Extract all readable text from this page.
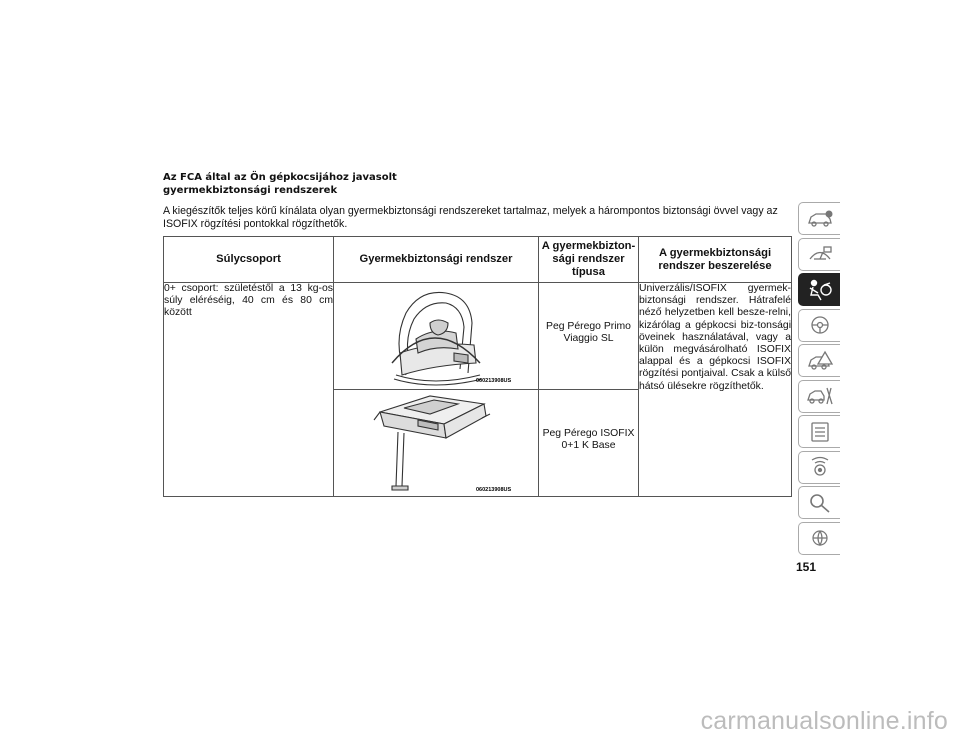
Az FCA által az Ön gépkocsijához javasolt
gyermekbiztonsági rendszerek
A kiegészítők teljes körű kínálata olyan gyermekbiztonsági rendszereket tartalmaz, melyek a hárompontos biztonsági övvel vagy az ISOFIX rögzítési pontokkal rögzíthetők.
Súlycsoport	Gyermekbiztonsági rendszer	A gyermekbizton-sági rendszer típusa	A gyermekbiztonsági rendszer beszerelése
0+ csoport: születéstől a 13 kg-os súly eléréséig, 40 cm és 80 cm között	060213908US	Peg Pérego Primo Viaggio SL	Univerzális/ISOFIX gyermek-biztonsági rendszer. Hátrafelé néző helyzetben kell besze-relni, kizárólag a gépkocsi biz-tonsági öveinek használatával, vagy a külön megvásárolható ISOFIX alappal és a gépkocsi ISOFIX rögzítési pontjaival. Csak a külső hátsó ülésekre rögzíthetők.

060213908US	Peg Pérego ISOFIX 0+1 K Base	
151
carmanualsonline.info
